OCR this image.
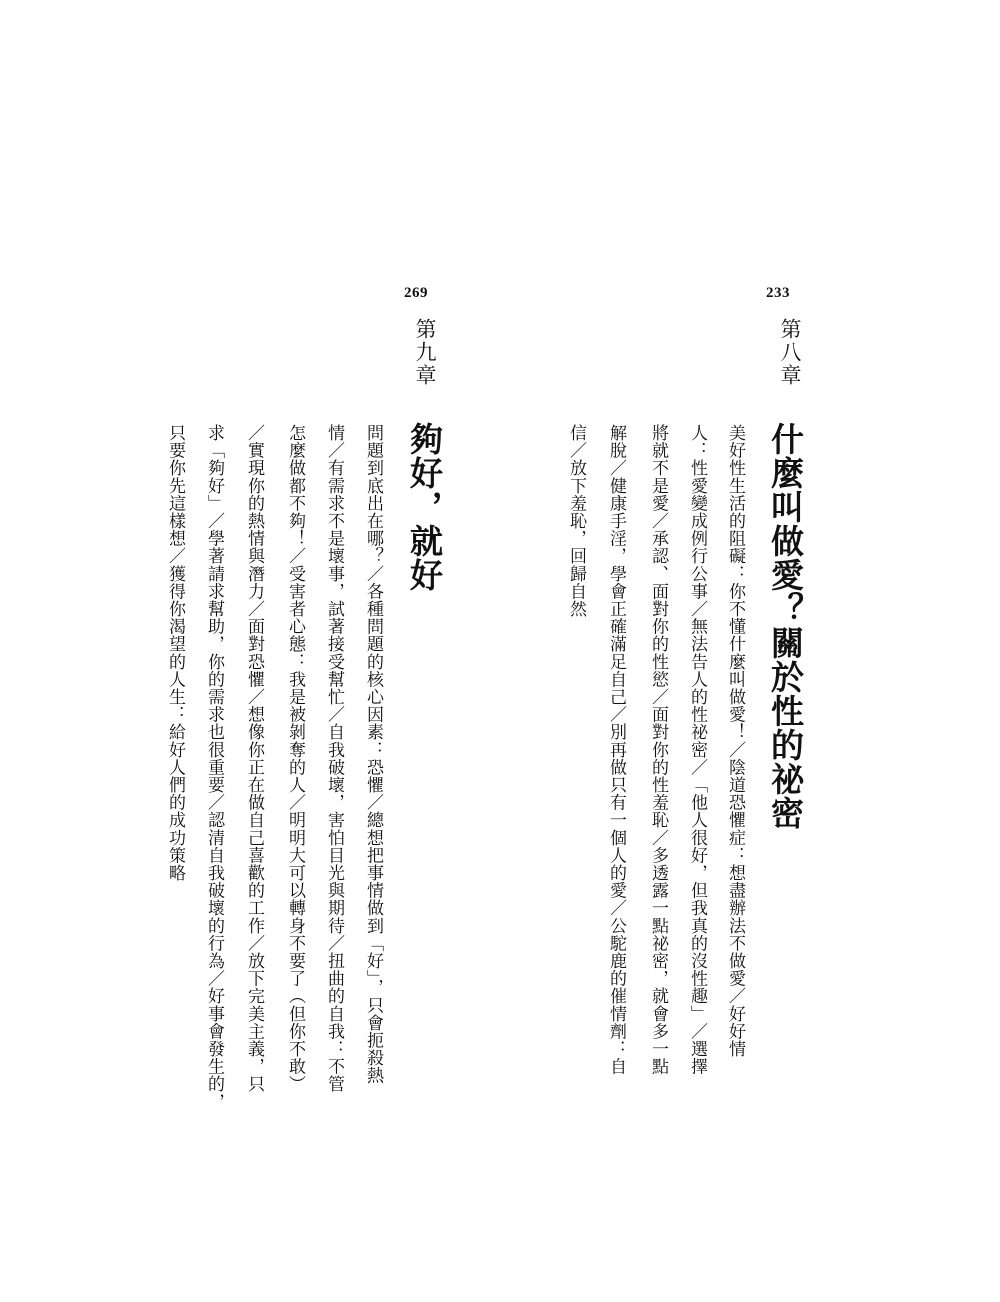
233
第八章
什麼叫做愛？關於性的祕密
美好性生活的阻礙：你不懂什麼叫做愛！／陰道恐懼症：想盡辦法不做愛／好好情
人：性愛變成例行公事／無法告人的性祕密／「他人很好，但我真的沒性趣」／選擇
將就不是愛／承認、面對你的性慾／面對你的性羞恥／多透露一點祕密，就會多一點
解脫／健康手淫，學會正確滿足自己／別再做只有一個人的愛／公駝鹿的催情劑：自
信／放下羞恥，回歸自然
269
第九章
夠好，就好
問題到底出在哪？／各種問題的核心因素：恐懼／總想把事情做到「好」，只會扼殺熱
情／有需求不是壞事，試著接受幫忙／自我破壞，害怕目光與期待／扭曲的自我：不管
怎麼做都不夠！／受害者心態：我是被剝奪的人／明明大可以轉身不要了（但你不敢）
／實現你的熱情與潛力／面對恐懼／想像你正在做自己喜歡的工作／放下完美主義，只
求「夠好」／學著請求幫助，你的需求也很重要／認清自我破壞的行為／好事會發生的，
只要你先這樣想／獲得你渴望的人生：給好人們的成功策略
